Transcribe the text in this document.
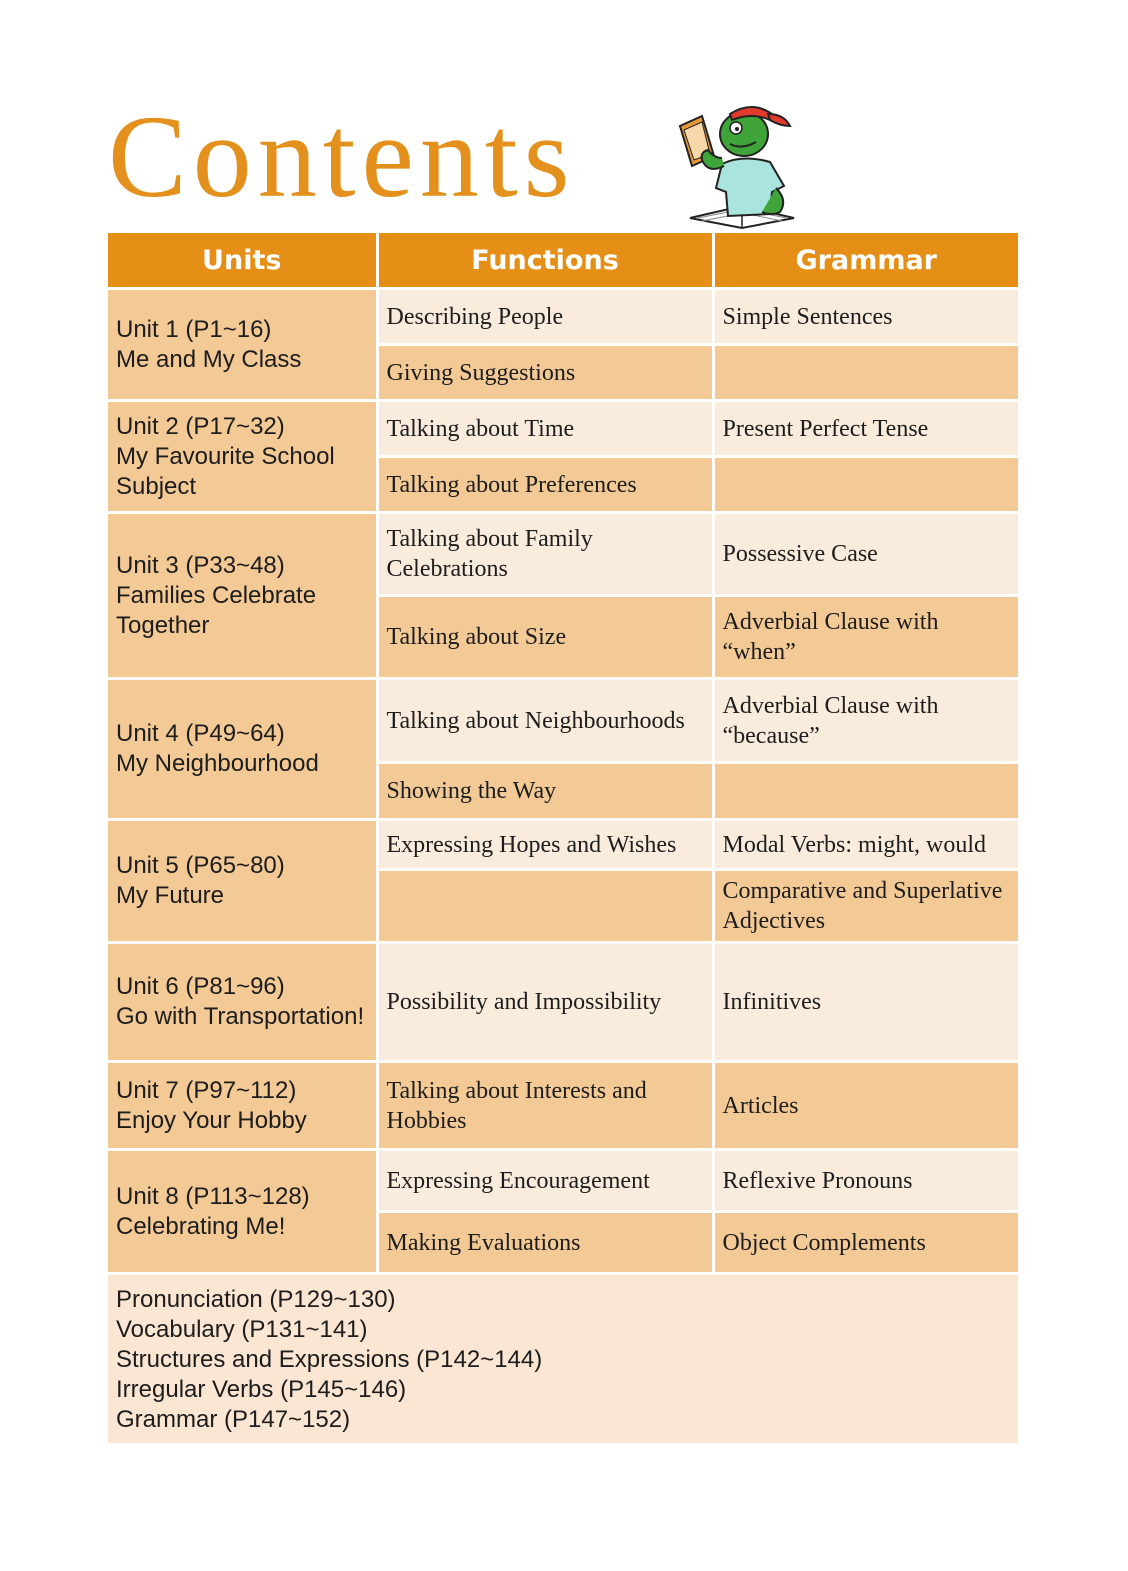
Contents
Units	Functions	Grammar

Unit 1 (P1~16)
Me and My Class	Describing People	Simple Sentences

	Giving Suggestions	

Unit 2 (P17~32)
My Favourite School Subject	Talking about Time	Present Perfect Tense

	Talking about Preferences	

Unit 3 (P33~48)
Families Celebrate Together	Talking about Family Celebrations	Possessive Case

	Talking about Size	Adverbial Clause with “when”

Unit 4 (P49~64)
My Neighbourhood	Talking about Neighbourhoods	Adverbial Clause with “because”

	Showing the Way	

Unit 5 (P65~80)
My Future	Expressing Hopes and Wishes	Modal Verbs: might, would

		Comparative and Superlative Adjectives

Unit 6 (P81~96)
Go with Transportation!	Possibility and Impossibility	Infinitives

Unit 7 (P97~112)
Enjoy Your Hobby	Talking about Interests and Hobbies	Articles

Unit 8 (P113~128)
Celebrating Me!	Expressing Encouragement	Reflexive Pronouns

	Making Evaluations	Object Complements
Pronunciation (P129~130)
Vocabulary (P131~141)
Structures and Expressions (P142~144)
Irregular Verbs (P145~146)
Grammar (P147~152)
